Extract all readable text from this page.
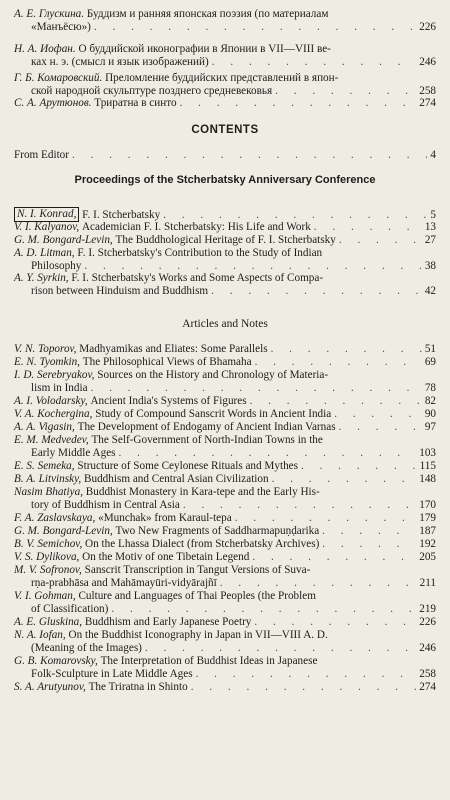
А. Е. Глускина.
Буддизм и ранняя японская поэзия (по материалам
«Манъёсю») . . .	226
Н. А. Иофан.
О буддийской иконографии в Японии в VII—VIII ве-
ках н. э. (смысл и язык изображений) . . .	246
Г. Б. Комаровский.
Преломление буддийских представлений в япон-
ской народной скульптуре позднего средневековья . . .	258
С. А. Арутюнов.
Триратна в синто . . .	274
CONTENTS
From Editor . . .	4
Proceedings of the Stcherbatsky Anniversary Conference
N. I. Konrad,
F. I. Stcherbatsky . . .	5
V. I. Kalyanov,
Academician F. I. Stcherbatsky: His Life and Work . . .	13
G. M. Bongard-Levin,
The Buddhological Heritage of F. I. Stcherbatsky . . .	27
A. D. Litman,
F. I. Stcherbatsky's Contribution to the Study of Indian
Philosophy . . .	38
A. Y. Syrkin,
F. I. Stcherbatsky's Works and Some Aspects of Compa-
rison between Hinduism and Buddhism . . .	42
Articles and Notes
V. N. Toporov,
Madhyamikas and Eliates: Some Parallels . . .	51
E. N. Tyomkin,
The Philosophical Views of Bhamaha . . .	69
I. D. Serebryakov,
Sources on the History and Chronology of Materia-
lism in India . . .	78
A. I. Volodarsky,
Ancient India's Systems of Figures . . .	82
V. A. Kochergina,
Study of Compound Sanscrit Words in Ancient India . . .	90
A. A. Vigasin,
The Development of Endogamy of Ancient Indian Varnas . . .	97
E. M. Medvedev,
The Self-Government of North-Indian Towns in the
Early Middle Ages . . .	103
E. S. Semeka,
Structure of Some Ceylonese Rituals and Mythes . . .	115
B. A. Litvinsky,
Buddhism and Central Asian Civilization . . .	148
Nasim Bhatiya,
Buddhist Monastery in Kara-tepe and the Early His-
tory of Buddhism in Central Asia . . .	170
F. A. Zaslavskaya,
«Munchak» from Karaul-tepa . . .	179
G. M. Bongard-Levin,
Two New Fragments of Saddharmapuṇḍarika . . .	187
B. V. Semichov,
On the Lhassa Dialect (from Stcherbatsky Archives) . . .	192
V. S. Dylikova,
On the Motiv of one Tibetain Legend . . .	205
M. V. Sofronov,
Sanscrit Transcription in Tangut Versions of Suva-
rṇa-prabhāsa and Mahāmayūri-vidyārajñī . . .	211
V. I. Gohman,
Culture and Languages of Thai Peoples (the Problem
of Classification) . . .	219
A. E. Gluskina,
Buddhism and Early Japanese Poetry . . .	226
N. A. Iofan,
On the Buddhist Iconography in Japan in VII—VIII A. D.
(Meaning of the Images) . . .	246
G. B. Komarovsky,
The Interpretation of Buddhist Ideas in Japanese
Folk-Sculpture in Late Middle Ages . . .	258
S. A. Arutyunov,
The Triratna in Shinto . . .	274
